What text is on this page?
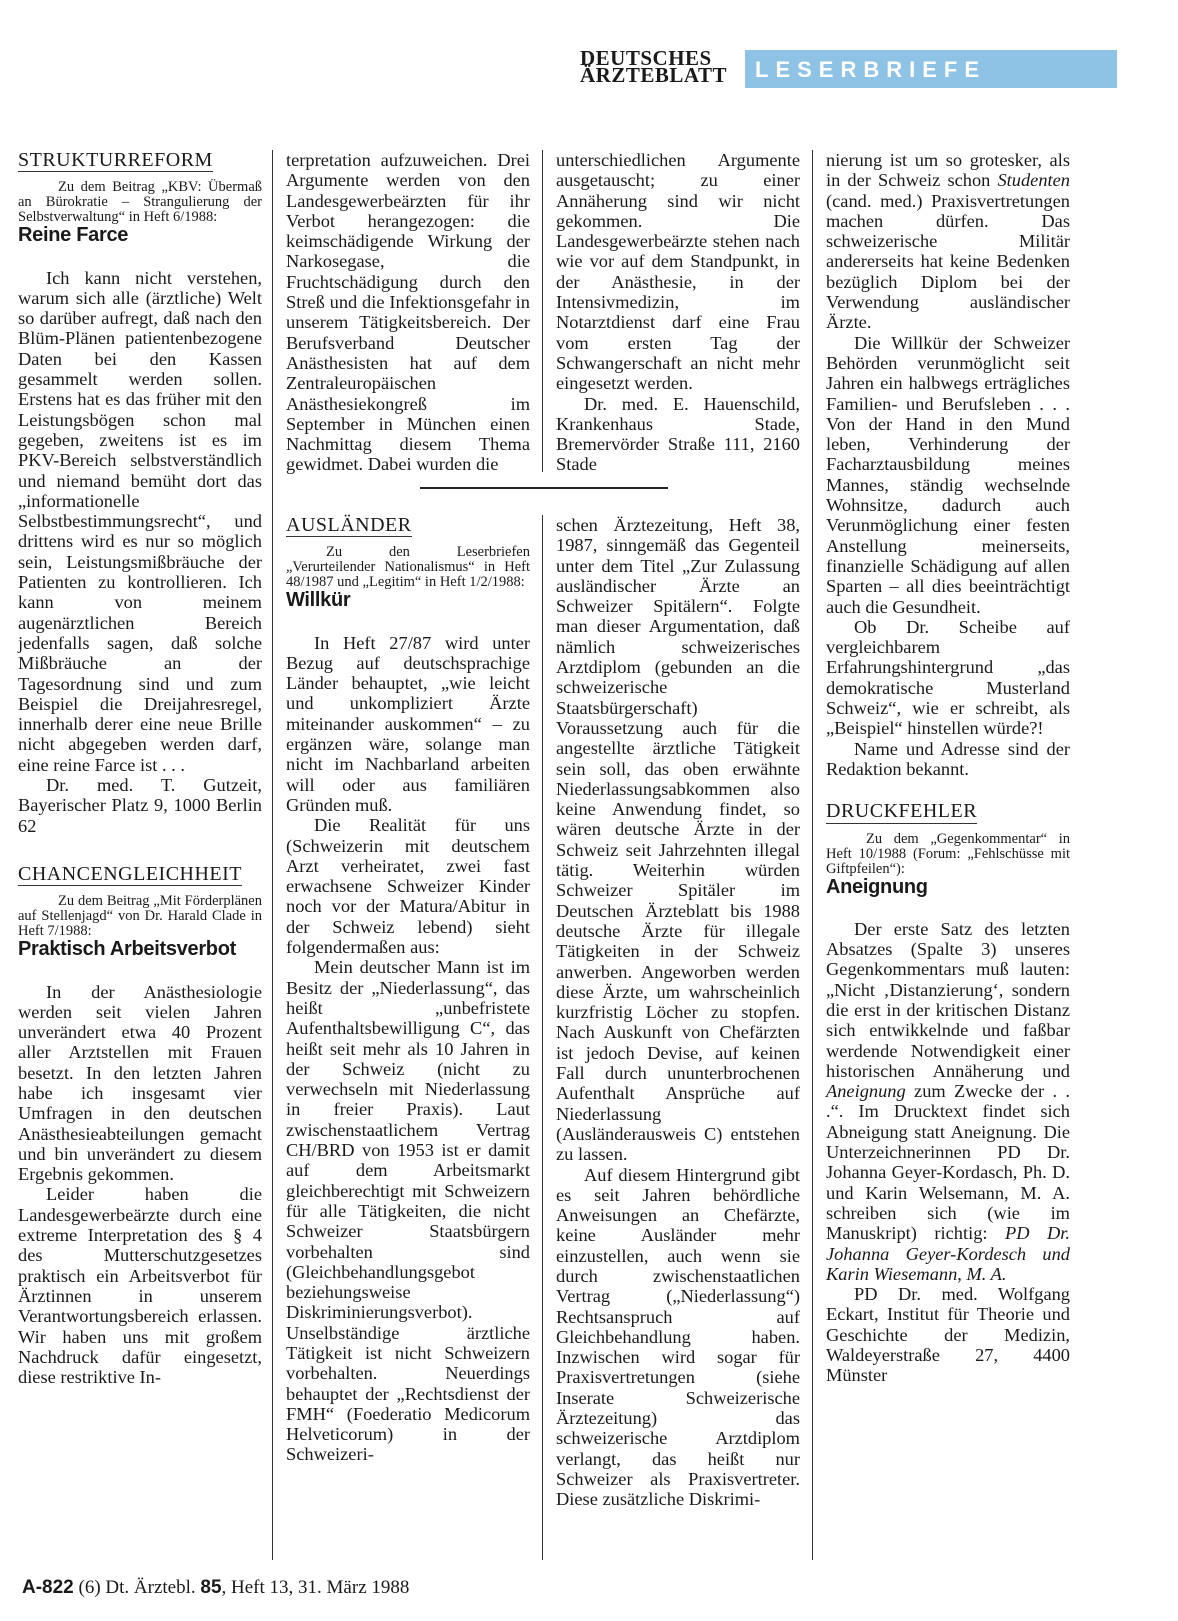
DEUTSCHES
ÄRZTEBLATT	LESERBRIEFE
STRUKTURREFORM

Zu dem Beitrag „KBV: Übermaß an Bürokratie – Strangulierung der Selbstverwaltung“ in Heft 6/1988:

Reine Farce

Ich kann nicht verstehen, warum sich alle (ärztliche) Welt so darüber aufregt, daß nach den Blüm-Plänen patientenbezogene Daten bei den Kassen gesammelt werden sollen. Erstens hat es das früher mit den Leistungsbögen schon mal gegeben, zweitens ist es im PKV-Bereich selbstverständlich und niemand bemüht dort das „informationelle Selbstbestimmungsrecht“, und drittens wird es nur so möglich sein, Leistungsmißbräuche der Patienten zu kontrollieren. Ich kann von meinem augenärztlichen Bereich jedenfalls sagen, daß solche Mißbräuche an der Tagesordnung sind und zum Beispiel die Dreijahresregel, innerhalb derer eine neue Brille nicht abgegeben werden darf, eine reine Farce ist . . .

Dr. med. T. Gutzeit, Bayerischer Platz 9, 1000 Berlin 62

CHANCENGLEICHHEIT

Zu dem Beitrag „Mit Förderplänen auf Stellenjagd“ von Dr. Harald Clade in Heft 7/1988:

Praktisch Arbeitsverbot

In der Anästhesiologie werden seit vielen Jahren unverändert etwa 40 Prozent aller Arztstellen mit Frauen besetzt. In den letzten Jahren habe ich insgesamt vier Umfragen in den deutschen Anästhesieabteilungen gemacht und bin unverändert zu diesem Ergebnis gekommen.

Leider haben die Landesgewerbeärzte durch eine extreme Interpretation des § 4 des Mutterschutzgesetzes praktisch ein Arbeitsverbot für Ärztinnen in unserem Verantwortungsbereich erlassen. Wir haben uns mit großem Nachdruck dafür eingesetzt, diese restriktive In-

terpretation aufzuweichen. Drei Argumente werden von den Landesgewerbeärzten für ihr Verbot herangezogen: die keimschädigende Wirkung der Narkosegase, die Fruchtschädigung durch den Streß und die Infektionsgefahr in unserem Tätigkeitsbereich. Der Berufsverband Deutscher Anästhesisten hat auf dem Zentraleuropäischen Anästhesiekongreß im September in München einen Nachmittag diesem Thema gewidmet. Dabei wurden die

unterschiedlichen Argumente ausgetauscht; zu einer Annäherung sind wir nicht gekommen. Die Landesgewerbeärzte stehen nach wie vor auf dem Standpunkt, in der Anästhesie, in der Intensivmedizin, im Notarztdienst darf eine Frau vom ersten Tag der Schwangerschaft an nicht mehr eingesetzt werden.

Dr. med. E. Hauenschild, Krankenhaus Stade, Bremervörder Straße 111, 2160 Stade

AUSLÄNDER

Zu den Leserbriefen „Verurteilender Nationalismus“ in Heft 48/1987 und „Legitim“ in Heft 1/2/1988:

Willkür

In Heft 27/87 wird unter Bezug auf deutschsprachige Länder behauptet, „wie leicht und unkompliziert Ärzte miteinander auskommen“ – zu ergänzen wäre, solange man nicht im Nachbarland arbeiten will oder aus familiären Gründen muß.

Die Realität für uns (Schweizerin mit deutschem Arzt verheiratet, zwei fast erwachsene Schweizer Kinder noch vor der Matura/Abitur in der Schweiz lebend) sieht folgendermaßen aus:

Mein deutscher Mann ist im Besitz der „Niederlassung“, das heißt „unbefristete Aufenthaltsbewilligung C“, das heißt seit mehr als 10 Jahren in der Schweiz (nicht zu verwechseln mit Niederlassung in freier Praxis). Laut zwischenstaatlichem Vertrag CH/BRD von 1953 ist er damit auf dem Arbeitsmarkt gleichberechtigt mit Schweizern für alle Tätigkeiten, die nicht Schweizer Staatsbürgern vorbehalten sind (Gleichbehandlungsgebot beziehungsweise Diskriminierungsverbot). Unselbständige ärztliche Tätigkeit ist nicht Schweizern vorbehalten. Neuerdings behauptet der „Rechtsdienst der FMH“ (Foederatio Medicorum Helveticorum) in der Schweizeri-

schen Ärztezeitung, Heft 38, 1987, sinngemäß das Gegenteil unter dem Titel „Zur Zulassung ausländischer Ärzte an Schweizer Spitälern“. Folgte man dieser Argumentation, daß nämlich schweizerisches Arztdiplom (gebunden an die schweizerische Staatsbürgerschaft) Voraussetzung auch für die angestellte ärztliche Tätigkeit sein soll, das oben erwähnte Niederlassungsabkommen also keine Anwendung findet, so wären deutsche Ärzte in der Schweiz seit Jahrzehnten illegal tätig. Weiterhin würden Schweizer Spitäler im Deutschen Ärzteblatt bis 1988 deutsche Ärzte für illegale Tätigkeiten in der Schweiz anwerben. Angeworben werden diese Ärzte, um wahrscheinlich kurzfristig Löcher zu stopfen. Nach Auskunft von Chefärzten ist jedoch Devise, auf keinen Fall durch ununterbrochenen Aufenthalt Ansprüche auf Niederlassung (Ausländerausweis C) entstehen zu lassen.

Auf diesem Hintergrund gibt es seit Jahren behördliche Anweisungen an Chefärzte, keine Ausländer mehr einzustellen, auch wenn sie durch zwischenstaatlichen Vertrag („Niederlassung“) Rechtsanspruch auf Gleichbehandlung haben. Inzwischen wird sogar für Praxisvertretungen (siehe Inserate Schweizerische Ärztezeitung) das schweizerische Arztdiplom verlangt, das heißt nur Schweizer als Praxisvertreter. Diese zusätzliche Diskrimi-

nierung ist um so grotesker, als in der Schweiz schon Studenten (cand. med.) Praxisvertretungen machen dürfen. Das schweizerische Militär andererseits hat keine Bedenken bezüglich Diplom bei der Verwendung ausländischer Ärzte.

Die Willkür der Schweizer Behörden verunmöglicht seit Jahren ein halbwegs erträgliches Familien- und Berufsleben . . . Von der Hand in den Mund leben, Verhinderung der Facharztausbildung meines Mannes, ständig wechselnde Wohnsitze, dadurch auch Verunmöglichung einer festen Anstellung meinerseits, finanzielle Schädigung auf allen Sparten – all dies beeinträchtigt auch die Gesundheit.

Ob Dr. Scheibe auf vergleichbarem Erfahrungshintergrund „das demokratische Musterland Schweiz“, wie er schreibt, als „Beispiel“ hinstellen würde?!

Name und Adresse sind der Redaktion bekannt.

DRUCKFEHLER

Zu dem „Gegenkommentar“ in Heft 10/1988 (Forum: „Fehlschüsse mit Giftpfeilen“):

Aneignung

Der erste Satz des letzten Absatzes (Spalte 3) unseres Gegenkommentars muß lauten: „Nicht ‚Distanzierung‘, sondern die erst in der kritischen Distanz sich entwikkelnde und faßbar werdende Notwendigkeit einer historischen Annäherung und Aneignung zum Zwecke der . . .“. Im Drucktext findet sich Abneigung statt Aneignung. Die Unterzeichnerinnen PD Dr. Johanna Geyer-Kordasch, Ph. D. und Karin Welsemann, M. A. schreiben sich (wie im Manuskript) richtig: PD Dr. Johanna Geyer-Kordesch und Karin Wiesemann, M. A.

PD Dr. med. Wolfgang Eckart, Institut für Theorie und Geschichte der Medizin, Waldeyerstraße 27, 4400 Münster

A-822 (6) Dt. Ärztebl. 85, Heft 13, 31. März 1988
